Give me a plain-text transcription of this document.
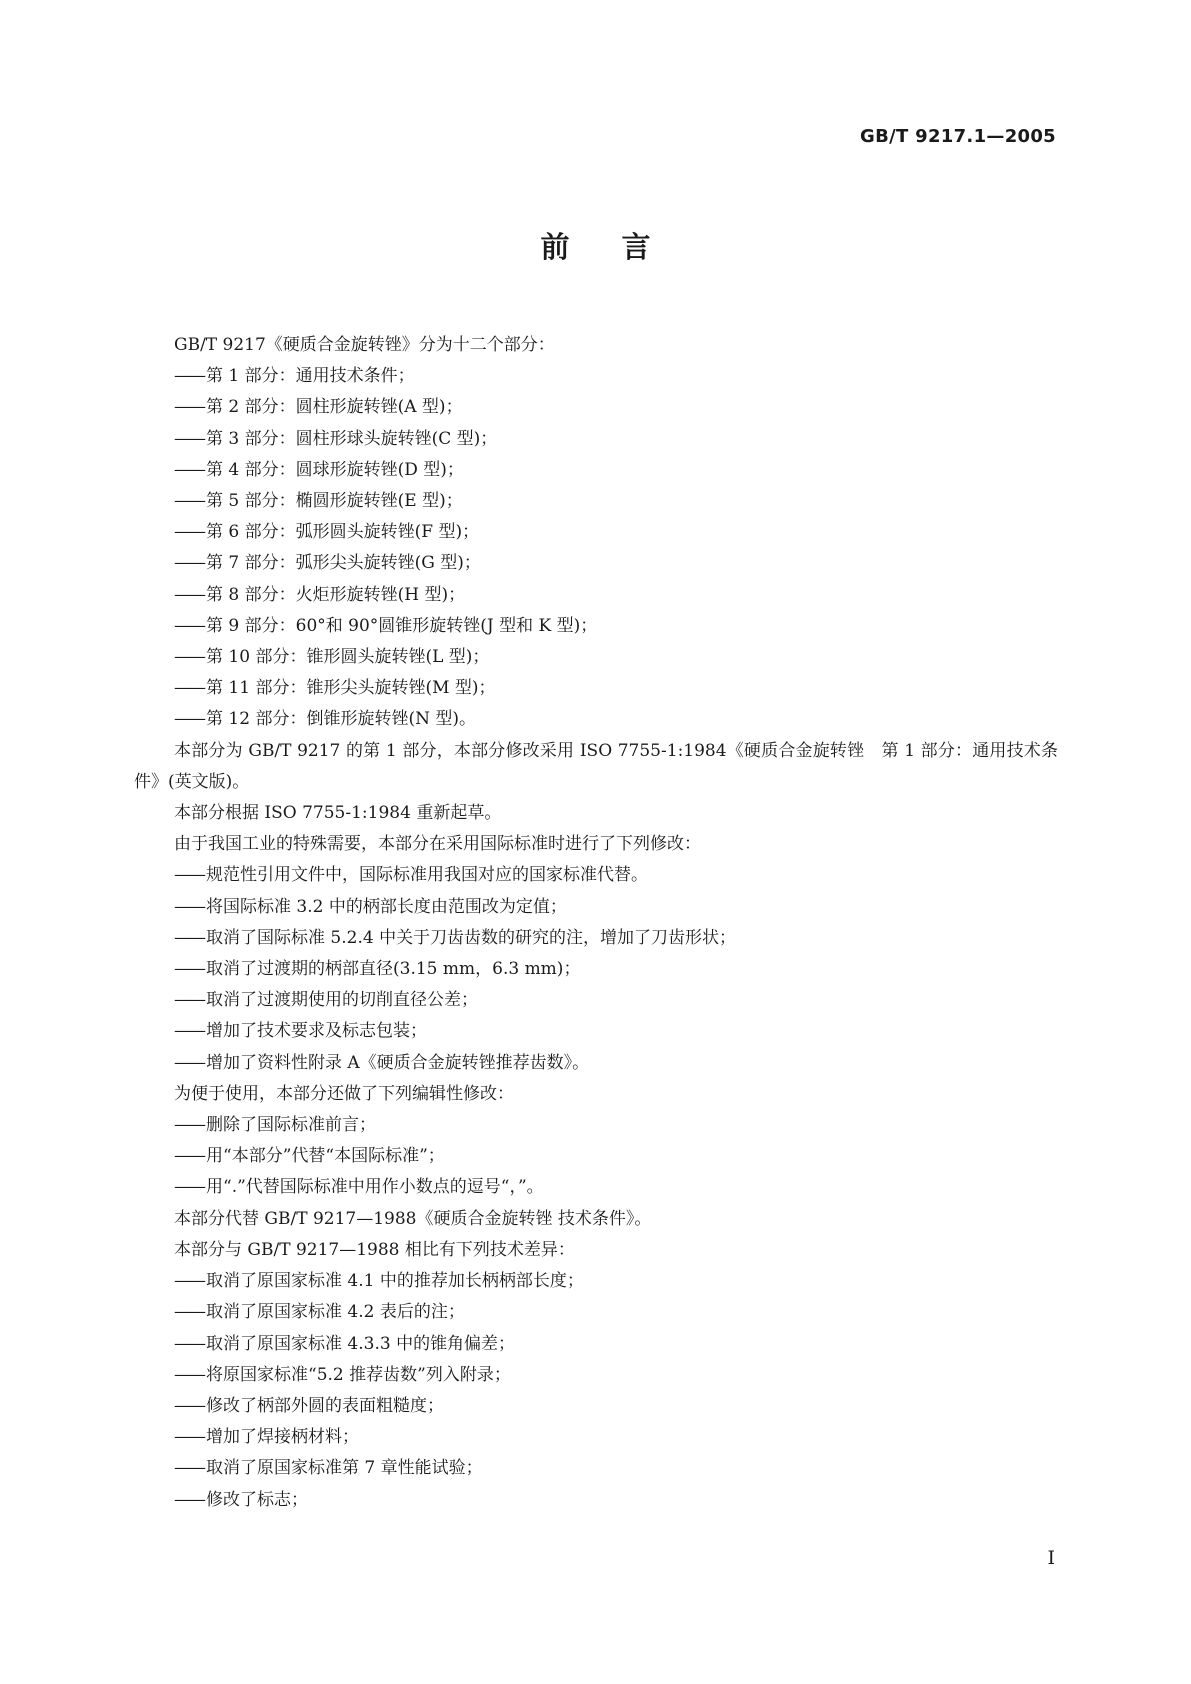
GB/T 9217.1—2005
前言

GB/T 9217《硬质合金旋转锉》分为十二个部分：

—— 第 1 部分：通用技术条件；

—— 第 2 部分：圆柱形旋转锉(A 型)；

—— 第 3 部分：圆柱形球头旋转锉(C 型)；

—— 第 4 部分：圆球形旋转锉(D 型)；

—— 第 5 部分：椭圆形旋转锉(E 型)；

—— 第 6 部分：弧形圆头旋转锉(F 型)；

—— 第 7 部分：弧形尖头旋转锉(G 型)；

—— 第 8 部分：火炬形旋转锉(H 型)；

—— 第 9 部分：60°和 90°圆锥形旋转锉(J 型和 K 型)；

—— 第 10 部分：锥形圆头旋转锉(L 型)；

—— 第 11 部分：锥形尖头旋转锉(M 型)；

—— 第 12 部分：倒锥形旋转锉(N 型)。

本部分为 GB/T 9217 的第 1 部分，本部分修改采用 ISO 7755-1:1984《硬质合金旋转锉　第 1 部分：通用技术条件》(英文版)。

本部分根据 ISO 7755-1:1984 重新起草。

由于我国工业的特殊需要，本部分在采用国际标准时进行了下列修改：

—— 规范性引用文件中，国际标准用我国对应的国家标准代替。

—— 将国际标准 3.2 中的柄部长度由范围改为定值；

—— 取消了国际标准 5.2.4 中关于刀齿齿数的研究的注，增加了刀齿形状；

—— 取消了过渡期的柄部直径(3.15 mm，6.3 mm)；

—— 取消了过渡期使用的切削直径公差；

—— 增加了技术要求及标志包装；

—— 增加了资料性附录 A《硬质合金旋转锉推荐齿数》。

为便于使用，本部分还做了下列编辑性修改：

—— 删除了国际标准前言；

—— 用“本部分”代替“本国际标准”；

—— 用“.”代替国际标准中用作小数点的逗号“，”。

本部分代替 GB/T 9217—1988《硬质合金旋转锉 技术条件》。

本部分与 GB/T 9217—1988 相比有下列技术差异：

—— 取消了原国家标准 4.1 中的推荐加长柄柄部长度；

—— 取消了原国家标准 4.2 表后的注；

—— 取消了原国家标准 4.3.3 中的锥角偏差；

—— 将原国家标准“5.2 推荐齿数”列入附录；

—— 修改了柄部外圆的表面粗糙度；

—— 增加了焊接柄材料；

—— 取消了原国家标准第 7 章性能试验；

—— 修改了标志；

I
